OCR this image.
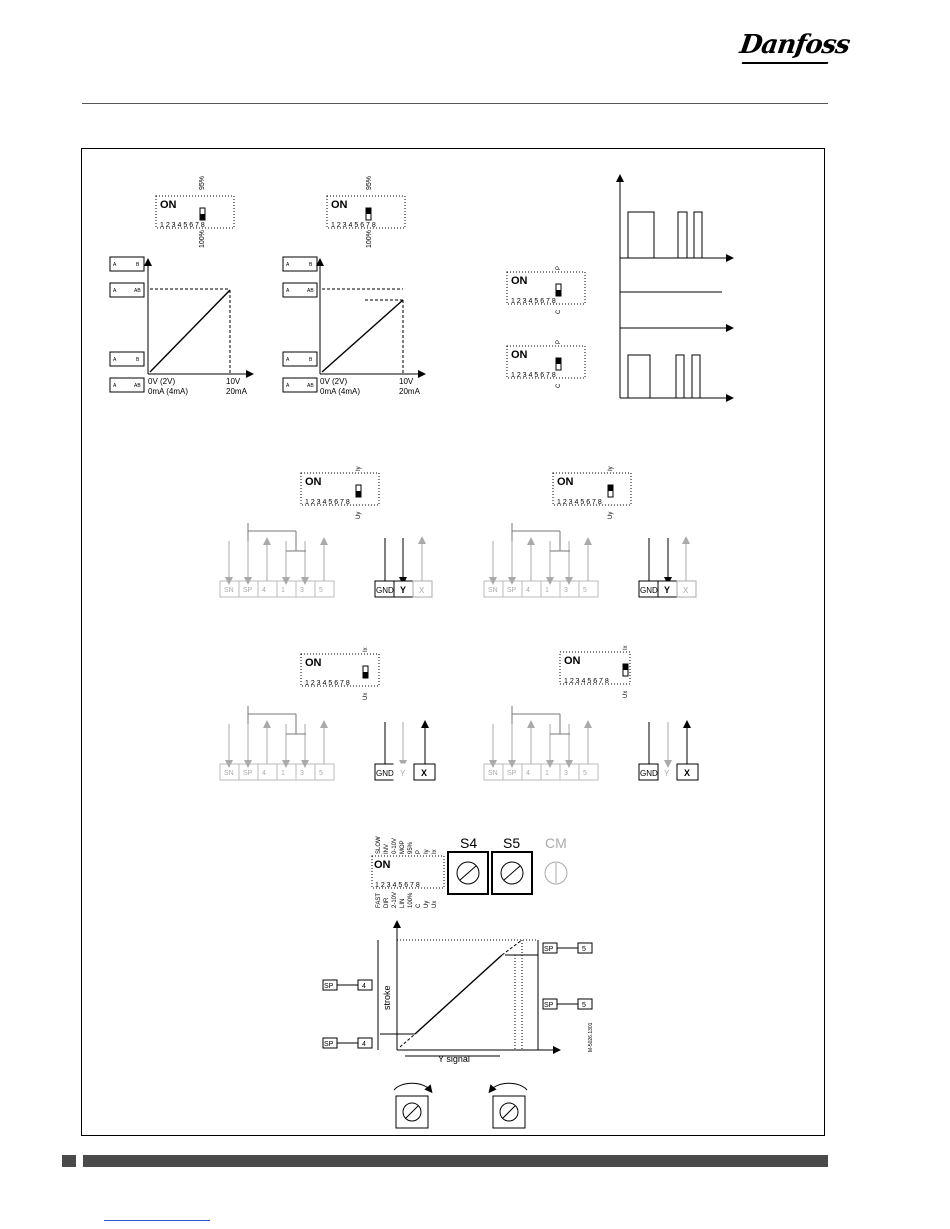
Danfoss
ON
1 2 3 4 5 6 7 8
95%
100%
ON
1 2 3 4 5 6 7 8
95%
100%
0V (2V)
0mA (4mA)
10V
20mA
A	B
A	AB
A	B
A	AB	0V (2V)
0mA (4mA)
10V
20mA
A	B
A	AB
A	B
A	AB
ON
1 2 3 4 5 6 7 8
P
C
ON
1 2 3 4 5 6 7 8
P
C
ON
1 2 3 4 5 6 7 8
Iy
Uy
ON
1 2 3 4 5 6 7 8
Iy
Uy
ON
1 2 3 4 5 6 7 8
Ix
Ux
ON
1 2 3 4 5 6 7 8
Ix
Ux
SN SP 4 1 3 5	SN SP 4 1 3 5
SN SP 4 1 3 5	SN SP 4 1 3 5
GND Y X	GND Y X
GND Y X	GND Y X
ON
1 2 3 4 5 6 7 8
SLOW INV 0-10V MOP 95% P Iy Ix
FAST DIR 2-10V LIN 100% C Uy Ux
S4 S5 CM
stroke
Y signal
M-5026.1301
SP	4
SP	4
SP	5
SP	5
